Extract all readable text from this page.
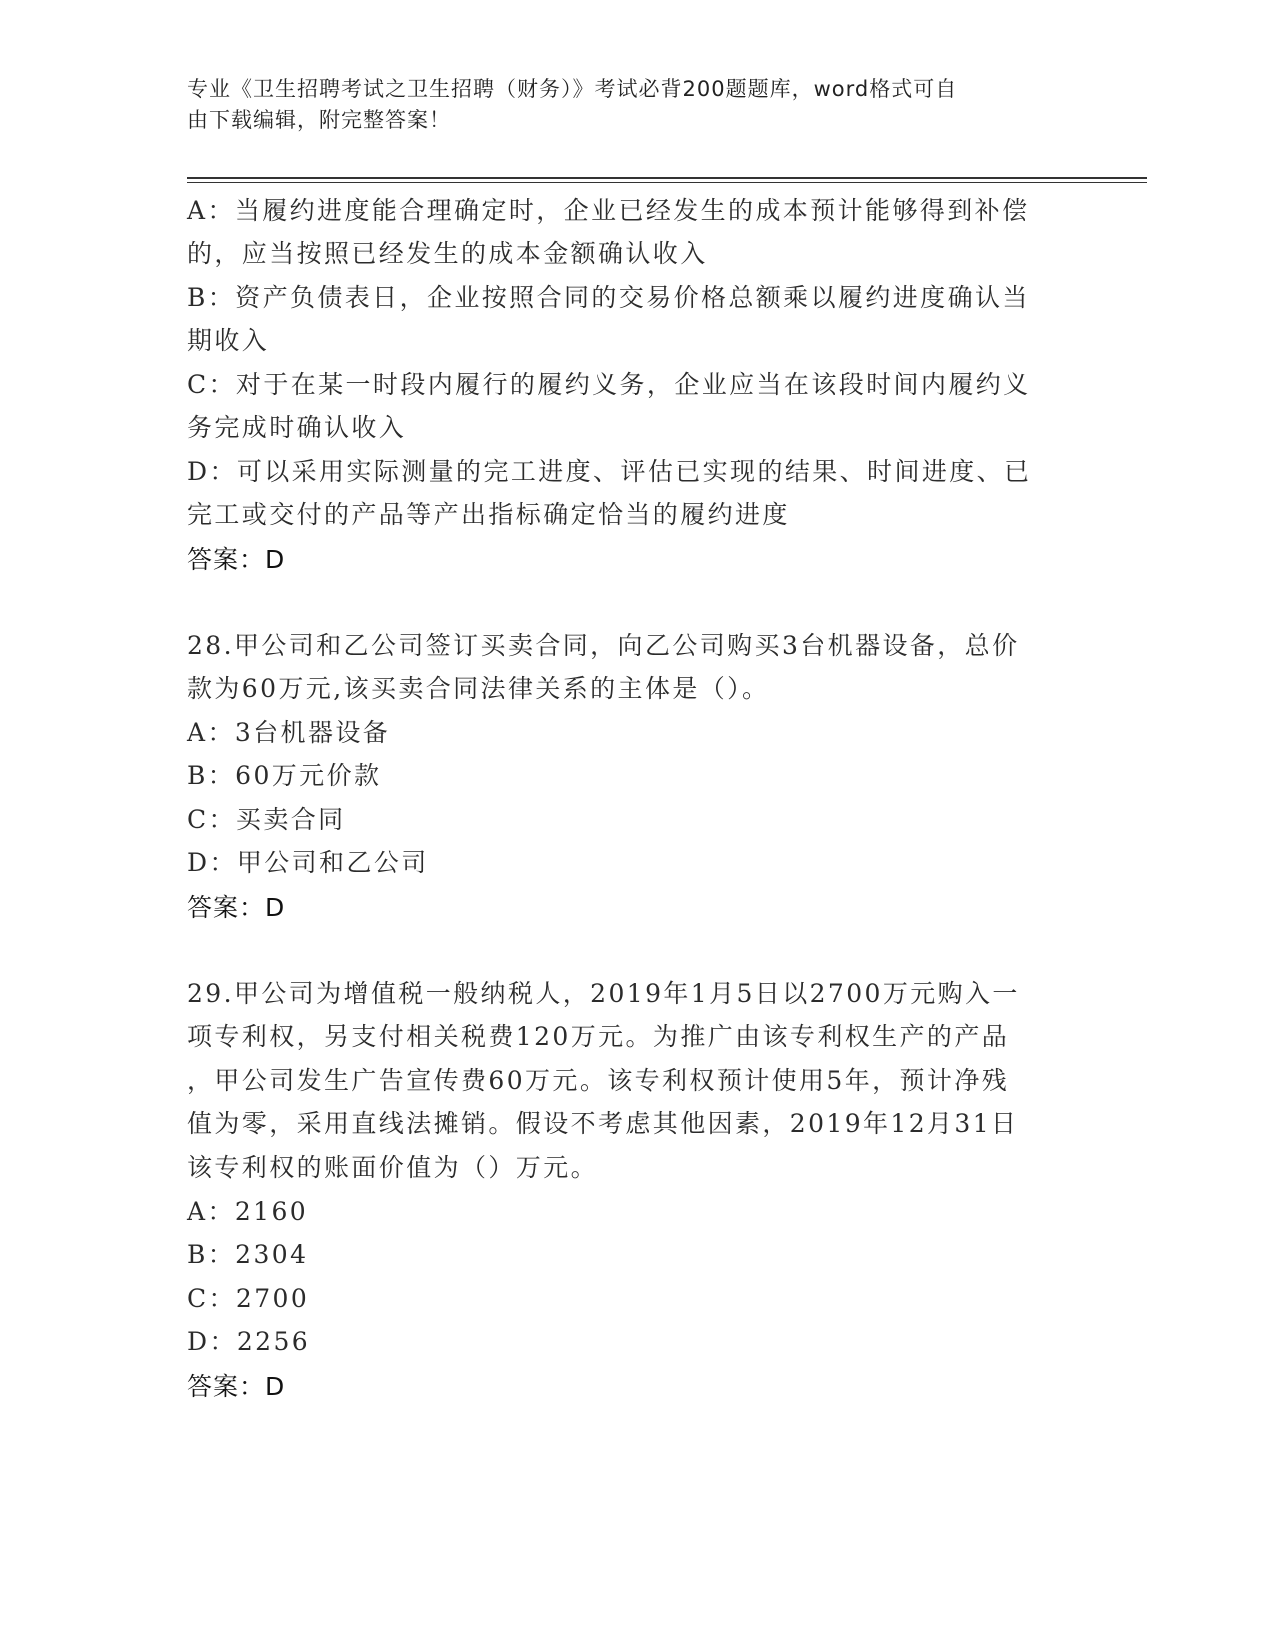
专业《卫生招聘考试之卫生招聘（财务）》考试必背200题题库，word格式可自
由下载编辑，附完整答案！
A：当履约进度能合理确定时，企业已经发生的成本预计能够得到补偿
的，应当按照已经发生的成本金额确认收入
B：资产负债表日，企业按照合同的交易价格总额乘以履约进度确认当
期收入
C：对于在某一时段内履行的履约义务，企业应当在该段时间内履约义
务完成时确认收入
D：可以采用实际测量的完工进度、评估已实现的结果、时间进度、已
完工或交付的产品等产出指标确定恰当的履约进度
答案：D
28.甲公司和乙公司签订买卖合同，向乙公司购买3台机器设备，总价
款为60万元,该买卖合同法律关系的主体是（）。
A：3台机器设备
B：60万元价款
C：买卖合同
D：甲公司和乙公司
答案：D
29.甲公司为增值税一般纳税人，2019年1月5日以2700万元购入一
项专利权，另支付相关税费120万元。为推广由该专利权生产的产品
，甲公司发生广告宣传费60万元。该专利权预计使用5年，预计净残
值为零，采用直线法摊销。假设不考虑其他因素，2019年12月31日
该专利权的账面价值为（）万元。
A：2160
B：2304
C：2700
D：2256
答案：D
